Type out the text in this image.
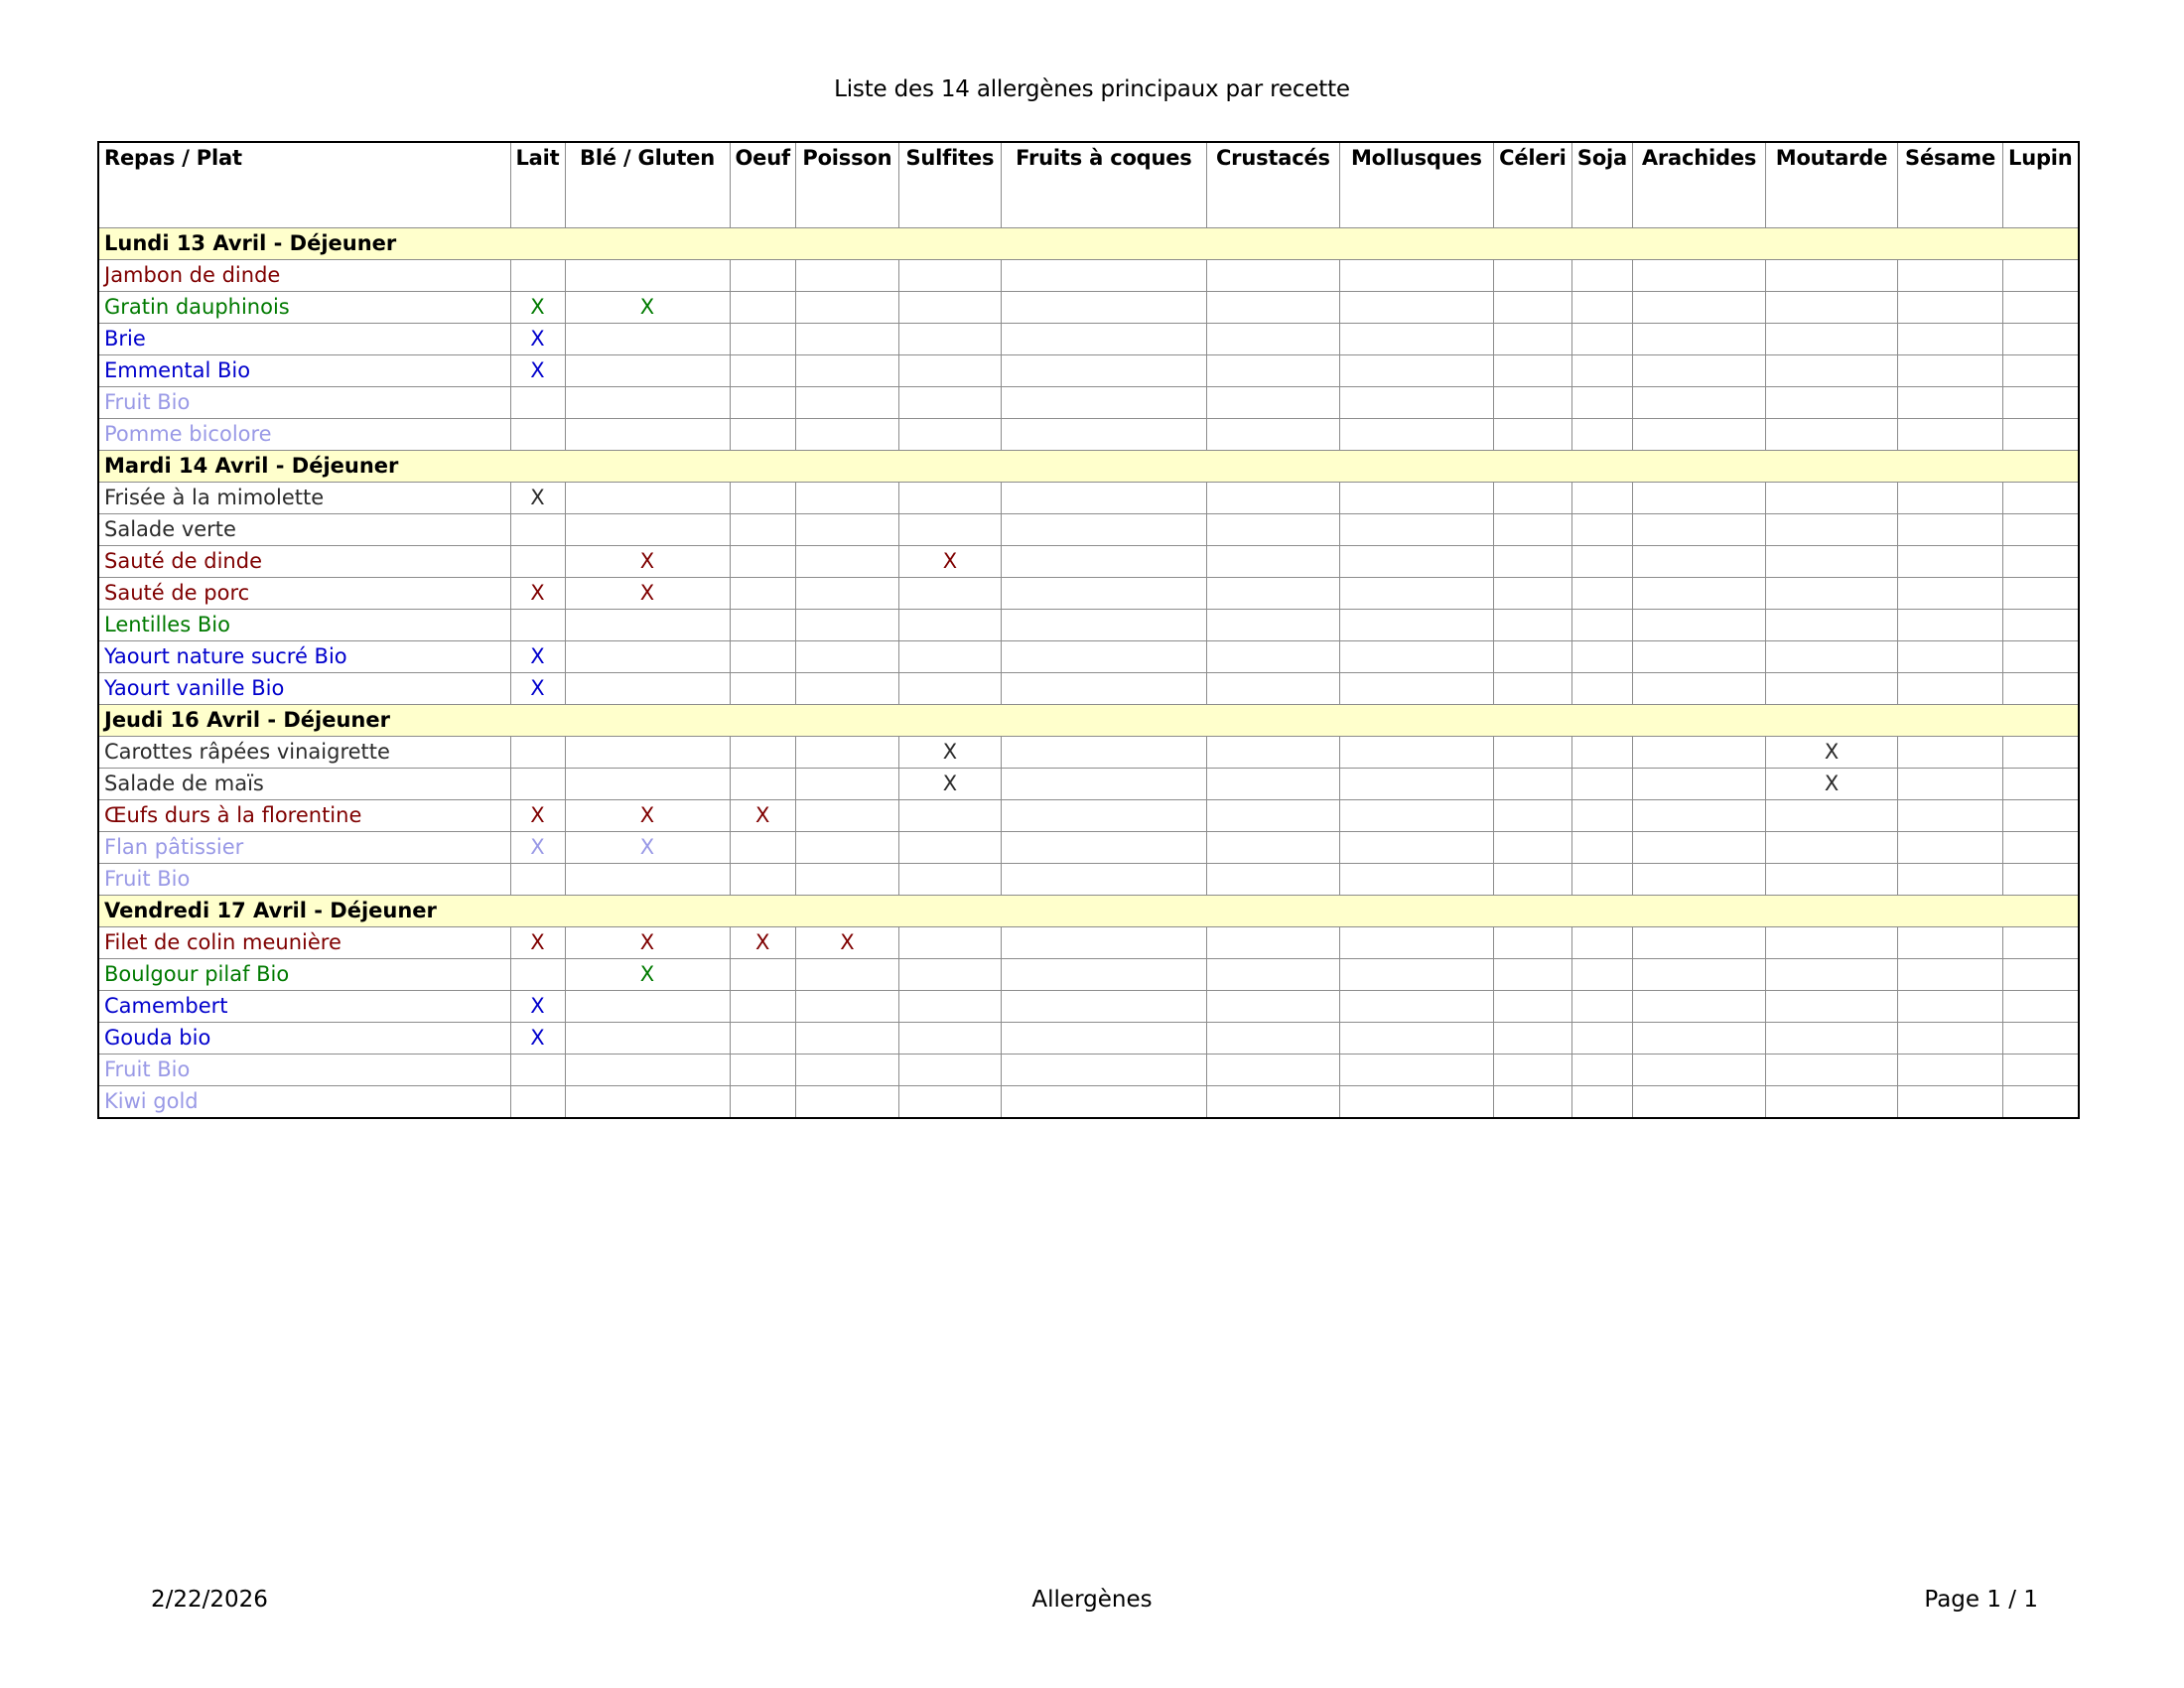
Liste des 14 allergènes principaux par recette
Repas / Plat	Lait	Blé / Gluten	Oeuf	Poisson	Sulfites	Fruits à coques	Crustacés	Mollusques	Céleri	Soja	Arachides	Moutarde	Sésame	Lupin
Lundi 13 Avril - Déjeuner														
Jambon de dinde														
Gratin dauphinois	X	X												
Brie	X													
Emmental Bio	X													
Fruit Bio														
Pomme bicolore														
Mardi 14 Avril - Déjeuner														
Frisée à la mimolette	X													
Salade verte														
Sauté de dinde		X			X									
Sauté de porc	X	X												
Lentilles Bio														
Yaourt nature sucré Bio	X													
Yaourt vanille Bio	X													
Jeudi 16 Avril - Déjeuner														
Carottes râpées vinaigrette					X							X		
Salade de maïs					X							X		
Œufs durs à la florentine	X	X	X											
Flan pâtissier	X	X												
Fruit Bio														
Vendredi 17 Avril - Déjeuner														
Filet de colin meunière	X	X	X	X										
Boulgour pilaf Bio		X												
Camembert	X													
Gouda bio	X													
Fruit Bio														
Kiwi gold														
2/22/2026	Allergènes	Page 1 / 1
